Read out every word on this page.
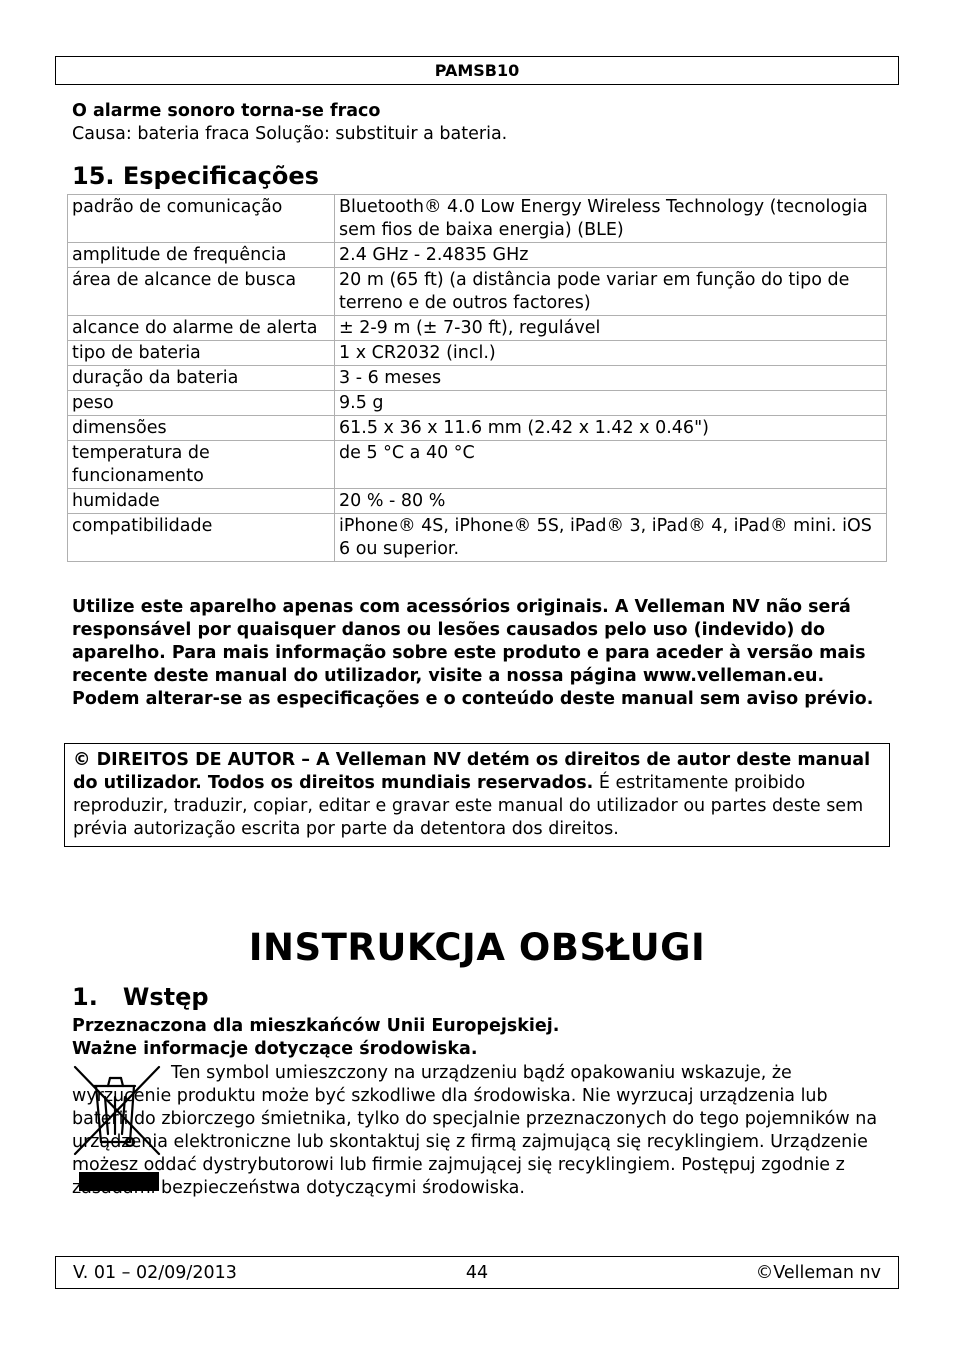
PAMSB10
O alarme sonoro torna-se fraco
Causa: bateria fraca Solução: substituir a bateria.
15. Especificações
padrão de comunicação	Bluetooth® 4.0 Low Energy Wireless Technology (tecnologia sem fios de baixa energia) (BLE)
amplitude de frequência	2.4 GHz - 2.4835 GHz
área de alcance de busca	20 m (65 ft) (a distância pode variar em função do tipo de terreno e de outros factores)
alcance do alarme de alerta	± 2-9 m (± 7-30 ft), regulável
tipo de bateria	1 x CR2032 (incl.)
duração da bateria	3 - 6 meses
peso	9.5 g
dimensões	61.5 x 36 x 11.6 mm (2.42 x 1.42 x 0.46")
temperatura de funcionamento	de 5 °C a 40 °C
humidade	20 % - 80 %
compatibilidade	iPhone® 4S, iPhone® 5S, iPad® 3, iPad® 4, iPad® mini. iOS 6 ou superior.
Utilize este aparelho apenas com acessórios originais. A Velleman NV não será responsável por quaisquer danos ou lesões causados pelo uso (indevido) do aparelho. Para mais informação sobre este produto e para aceder à versão mais recente deste manual do utilizador, visite a nossa página www.velleman.eu. Podem alterar-se as especificações e o conteúdo deste manual sem aviso prévio.
© DIREITOS DE AUTOR – A Velleman NV detém os direitos de autor deste manual do utilizador. Todos os direitos mundiais reservados. É estritamente proibido reproduzir, traduzir, copiar, editar e gravar este manual do utilizador ou partes deste sem prévia autorização escrita por parte da detentora dos direitos.
INSTRUKCJA OBSŁUGI
1.   Wstęp
Przeznaczona dla mieszkańców Unii Europejskiej.
Ważne informacje dotyczące środowiska.
Ten symbol umieszczony na urządzeniu bądź opakowaniu wskazuje, że wyrzucenie produktu może być szkodliwe dla środowiska. Nie wyrzucaj urządzenia lub baterii do zbiorczego śmietnika, tylko do specjalnie przeznaczonych do tego pojemników na urządzenia elektroniczne lub skontaktuj się z firmą zajmującą się recyklingiem. Urządzenie możesz oddać dystrybutorowi lub firmie zajmującej się recyklingiem. Postępuj zgodnie z zasadami bezpieczeństwa dotyczącymi środowiska.
V. 01 – 02/09/2013	44	©Velleman nv
